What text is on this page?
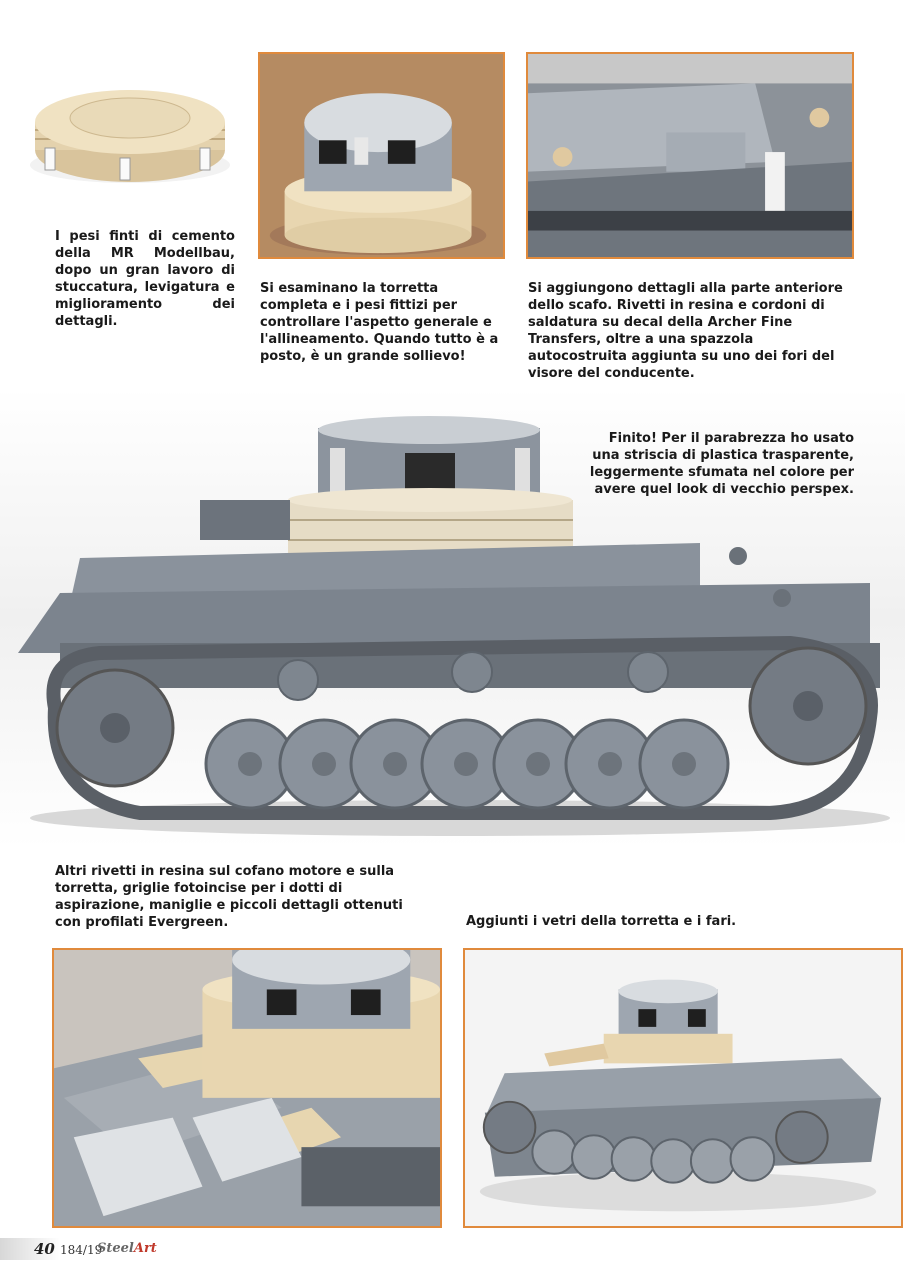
I pesi finti di cemento della MR Modellbau, dopo un gran lavoro di stuccatura, levigatura e miglioramento dei dettagli.

Si esaminano la torretta completa e i pesi fittizi per controllare l'aspetto generale e l'allineamento. Quando tutto è a posto, è un grande sollievo!

Si aggiungono dettagli alla parte anteriore dello scafo. Rivetti in resina e cordoni di saldatura su decal della Archer Fine Transfers, oltre a una spazzola autocostruita aggiunta su uno dei fori del visore del conducente.

Finito! Per il parabrezza ho usato una striscia di plastica trasparente, leggermente sfumata nel colore per avere quel look di vecchio perspex.

Altri rivetti in resina sul cofano motore e sulla torretta, griglie fotoincise per i dotti di aspirazione, maniglie e piccoli dettagli ottenuti con profilati Evergreen.	Aggiunti i vetri della torretta e i fari.

40 184/19
SteelArt
